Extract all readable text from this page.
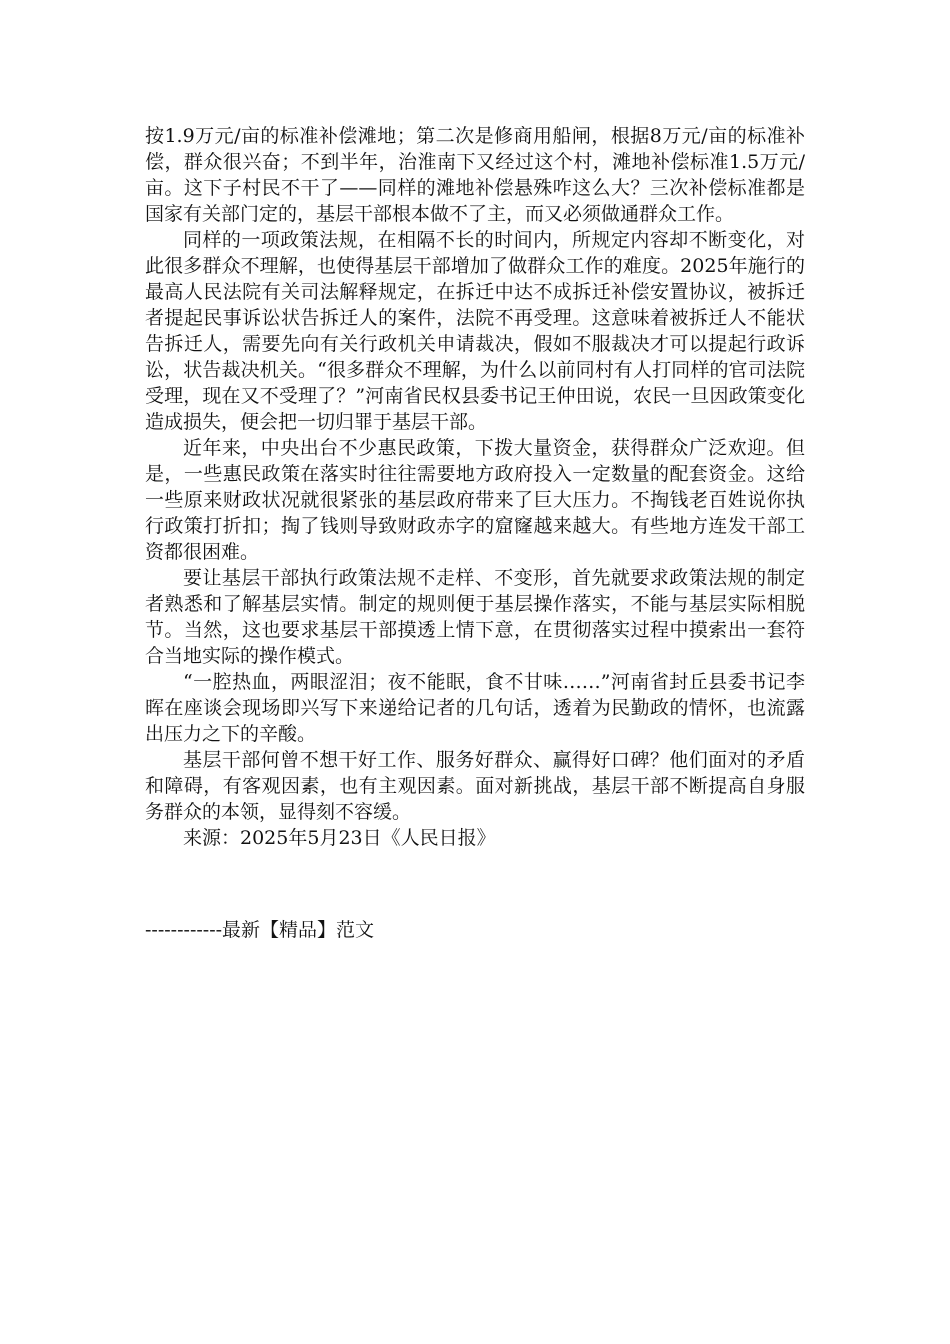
按1.9万元/亩的标准补偿滩地；第二次是修商用船闸，根据8万元/亩的标准补偿，群众很兴奋；不到半年，治淮南下又经过这个村，滩地补偿标准1.5万元/亩。这下子村民不干了——同样的滩地补偿悬殊咋这么大？三次补偿标准都是国家有关部门定的，基层干部根本做不了主，而又必须做通群众工作。

同样的一项政策法规，在相隔不长的时间内，所规定内容却不断变化，对此很多群众不理解，也使得基层干部增加了做群众工作的难度。2025年施行的最高人民法院有关司法解释规定，在拆迁中达不成拆迁补偿安置协议，被拆迁者提起民事诉讼状告拆迁人的案件，法院不再受理。这意味着被拆迁人不能状告拆迁人，需要先向有关行政机关申请裁决，假如不服裁决才可以提起行政诉讼，状告裁决机关。“很多群众不理解，为什么以前同村有人打同样的官司法院受理，现在又不受理了？”河南省民权县委书记王仲田说，农民一旦因政策变化造成损失，便会把一切归罪于基层干部。

近年来，中央出台不少惠民政策，下拨大量资金，获得群众广泛欢迎。但是，一些惠民政策在落实时往往需要地方政府投入一定数量的配套资金。这给一些原来财政状况就很紧张的基层政府带来了巨大压力。不掏钱老百姓说你执行政策打折扣；掏了钱则导致财政赤字的窟窿越来越大。有些地方连发干部工资都很困难。

要让基层干部执行政策法规不走样、不变形，首先就要求政策法规的制定者熟悉和了解基层实情。制定的规则便于基层操作落实，不能与基层实际相脱节。当然，这也要求基层干部摸透上情下意，在贯彻落实过程中摸索出一套符合当地实际的操作模式。

“一腔热血，两眼涩泪；夜不能眠，食不甘味……”河南省封丘县委书记李晖在座谈会现场即兴写下来递给记者的几句话，透着为民勤政的情怀，也流露出压力之下的辛酸。

基层干部何曾不想干好工作、服务好群众、赢得好口碑？他们面对的矛盾和障碍，有客观因素，也有主观因素。面对新挑战，基层干部不断提高自身服务群众的本领，显得刻不容缓。

来源：2025年5月23日《人民日报》

------------最新【精品】范文
